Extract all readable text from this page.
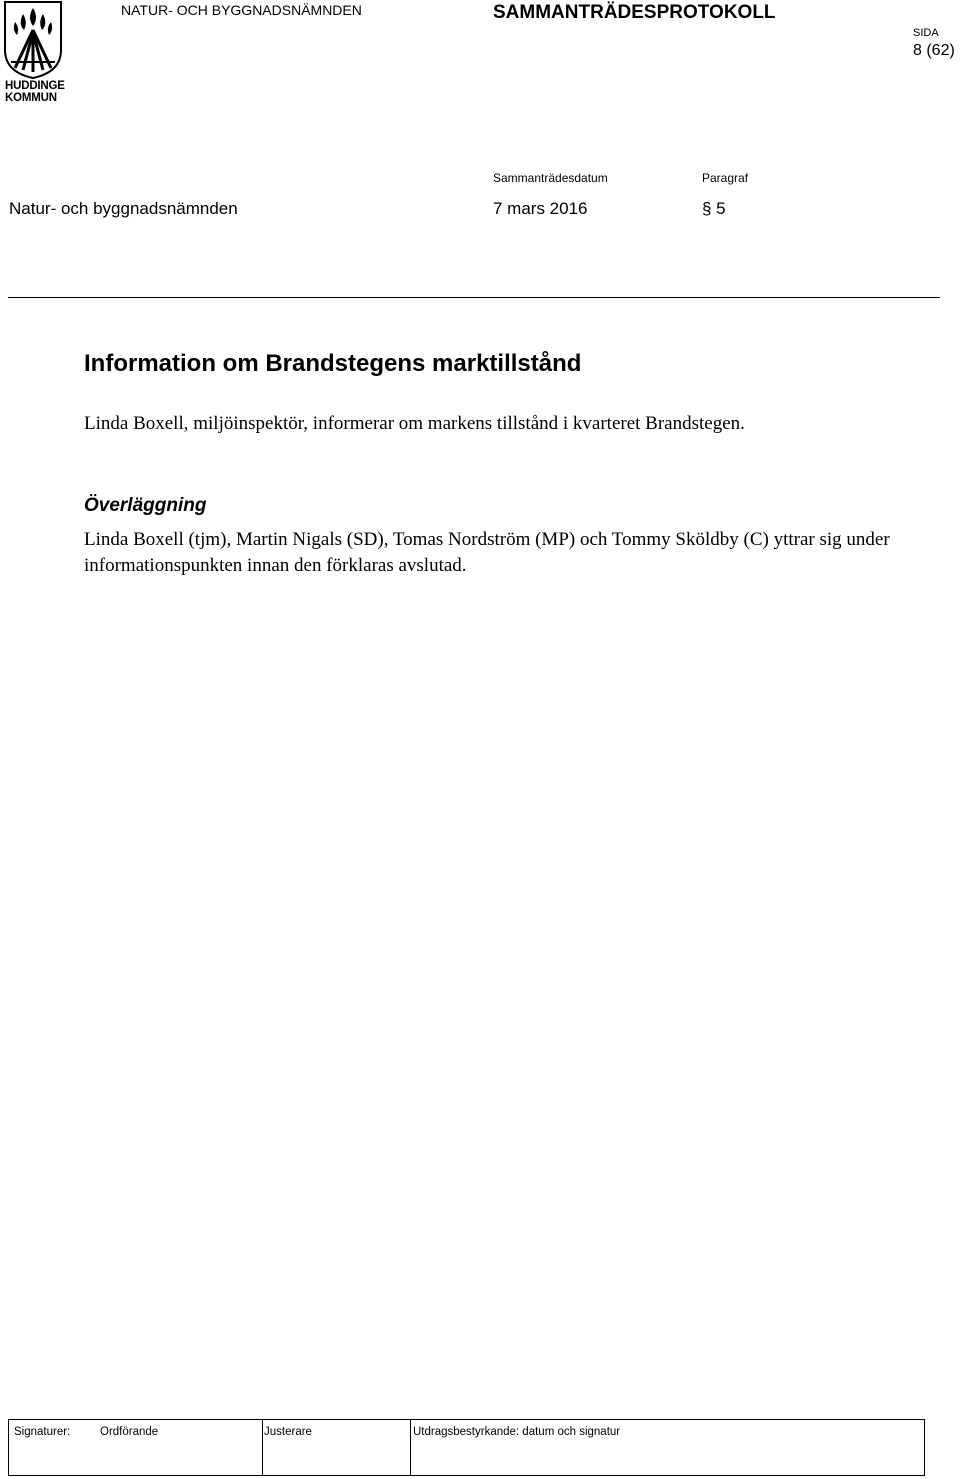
HUDDINGE
KOMMUN
NATUR- OCH BYGGNADSNÄMNDEN	SAMMANTRÄDESPROTOKOLL
SIDA
8 (62)
Sammanträdesdatum	Paragraf
Natur- och byggnadsnämnden	7 mars 2016	§ 5
Information om Brandstegens marktillstånd
Linda Boxell, miljöinspektör, informerar om markens tillstånd i kvarteret Brandstegen.
Överläggning
Linda Boxell (tjm), Martin Nigals (SD), Tomas Nordström (MP) och Tommy Sköldby (C) yttrar sig under informationspunkten innan den förklaras avslutad.
Signaturer:	Ordförande	Justerare	Utdragsbestyrkande: datum och signatur
